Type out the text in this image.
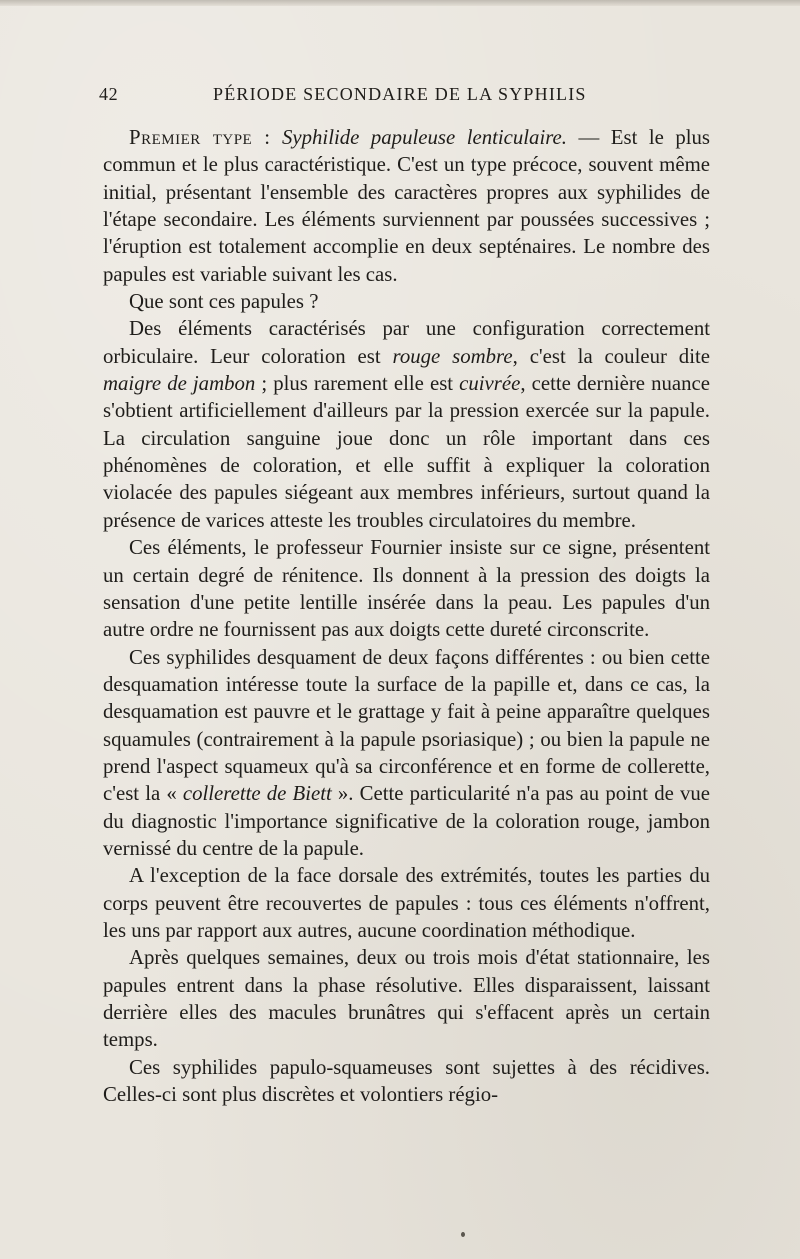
42	PÉRIODE SECONDAIRE DE LA SYPHILIS

Premier type : Syphilide papuleuse lenticulaire. — Est le plus commun et le plus caractéristique. C'est un type précoce, souvent même initial, présentant l'ensemble des caractères propres aux syphilides de l'étape secondaire. Les éléments surviennent par poussées successives ; l'éruption est totalement accomplie en deux septénaires. Le nombre des papules est variable suivant les cas.

Que sont ces papules ?

Des éléments caractérisés par une configuration correctement orbiculaire. Leur coloration est rouge sombre, c'est la couleur dite maigre de jambon ; plus rarement elle est cuivrée, cette dernière nuance s'obtient artificiellement d'ailleurs par la pression exercée sur la papule. La circulation sanguine joue donc un rôle important dans ces phénomènes de coloration, et elle suffit à expliquer la coloration violacée des papules siégeant aux membres inférieurs, surtout quand la présence de varices atteste les troubles circulatoires du membre.

Ces éléments, le professeur Fournier insiste sur ce signe, présentent un certain degré de rénitence. Ils donnent à la pression des doigts la sensation d'une petite lentille insérée dans la peau. Les papules d'un autre ordre ne fournissent pas aux doigts cette dureté circonscrite.

Ces syphilides desquament de deux façons différentes : ou bien cette desquamation intéresse toute la surface de la papille et, dans ce cas, la desquamation est pauvre et le grattage y fait à peine apparaître quelques squamules (contrairement à la papule psoriasique) ; ou bien la papule ne prend l'aspect squameux qu'à sa circonférence et en forme de collerette, c'est la « collerette de Biett ». Cette particularité n'a pas au point de vue du diagnostic l'importance significative de la coloration rouge, jambon vernissé du centre de la papule.

A l'exception de la face dorsale des extrémités, toutes les parties du corps peuvent être recouvertes de papules : tous ces éléments n'offrent, les uns par rapport aux autres, aucune coordination méthodique.

Après quelques semaines, deux ou trois mois d'état stationnaire, les papules entrent dans la phase résolutive. Elles disparaissent, laissant derrière elles des macules brunâtres qui s'effacent après un certain temps.

Ces syphilides papulo-squameuses sont sujettes à des récidives. Celles-ci sont plus discrètes et volontiers régio-
